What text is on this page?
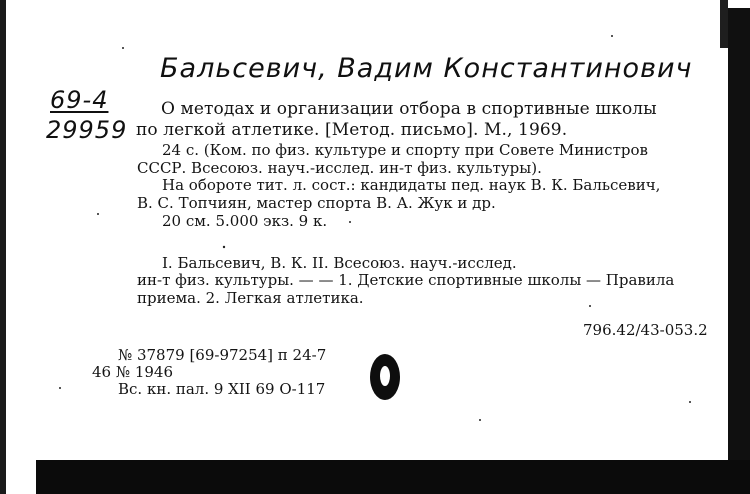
Бальсевич, Вадим Константинович
69-4
29959
О методах и организации отбора в спортивные школы
по легкой атлетике. [Метод. письмо]. М., 1969.
24 с. (Ком. по физ. культуре и спорту при Совете Министров
СССР. Всесоюз. науч.-исслед. ин-т физ. культуры).
На обороте тит. л. сост.: кандидаты пед. наук В. К. Бальсевич,
В. С. Топчиян, мастер спорта В. А. Жук и др.
20 см. 5.000 экз. 9 к.
I. Бальсевич, В. К. II. Всесоюз. науч.-исслед.
ин-т физ. культуры. — — 1. Детские спортивные школы — Правила
приема. 2. Легкая атлетика.
796.42/43-053.2
№ 37879 [69-97254] п 24-7
46 № 1946
Вс. кн. пал. 9 XII 69 О-117
